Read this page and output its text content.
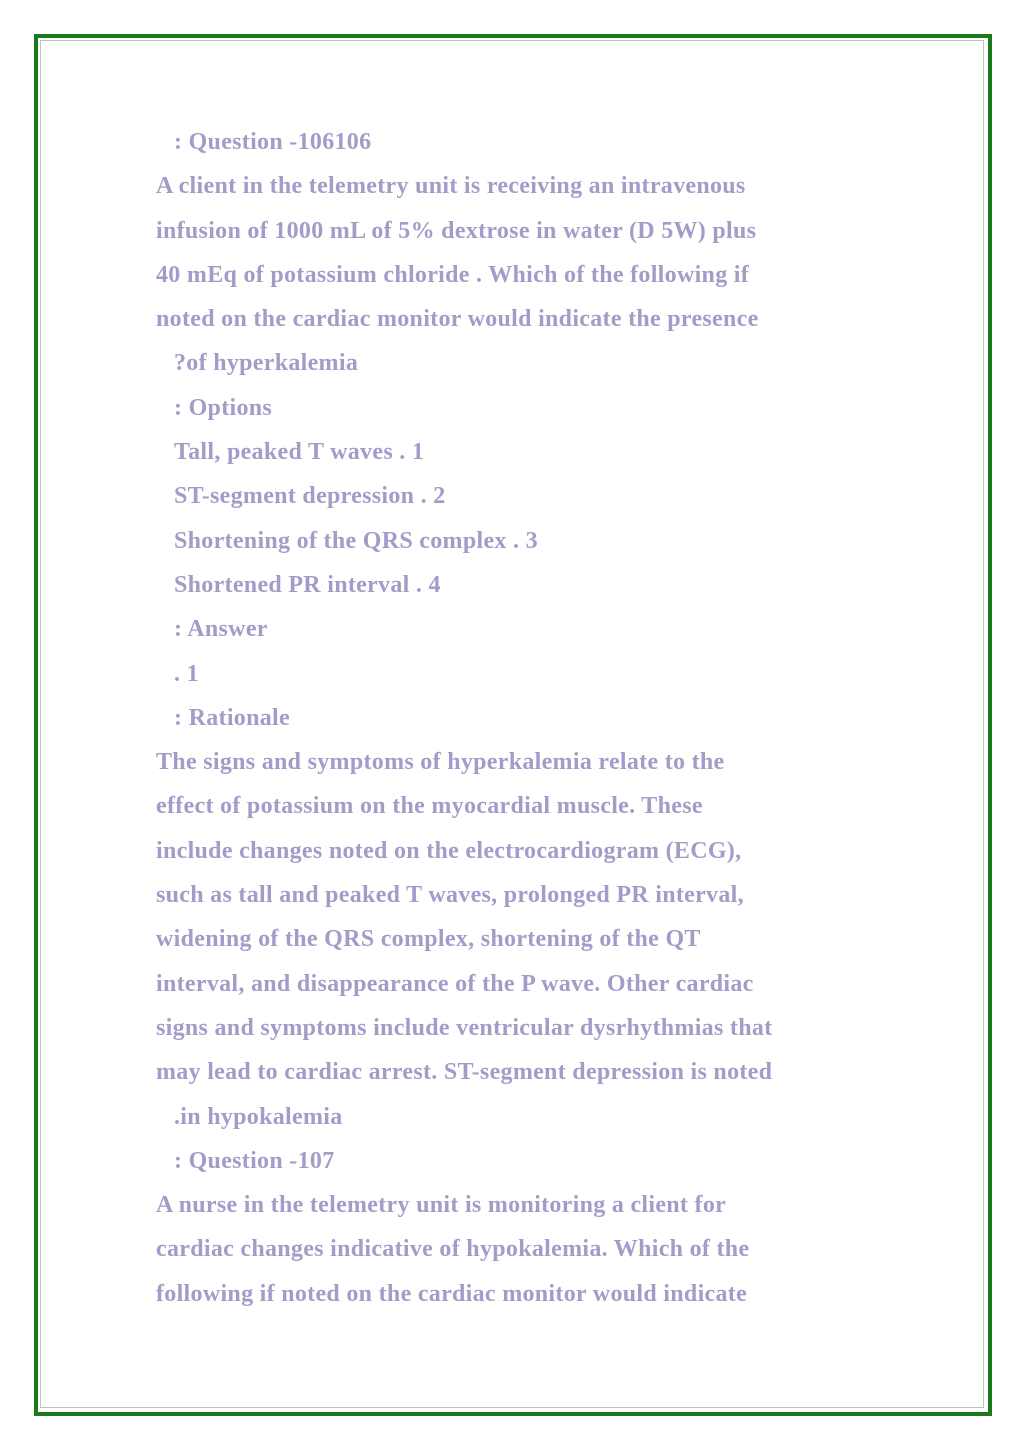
: Question -106106
A client in the telemetry unit is receiving an intravenous
infusion of 1000 mL of 5% dextrose in water (D 5W) plus
40 mEq of potassium chloride . Which of the following if
noted on the cardiac monitor would indicate the presence
?of hyperkalemia
: Options
Tall, peaked T waves . 1
ST-segment depression . 2
Shortening of the QRS complex . 3
Shortened PR interval . 4
: Answer
. 1
: Rationale
The signs and symptoms of hyperkalemia relate to the
effect of potassium on the myocardial muscle. These
include changes noted on the electrocardiogram (ECG),
such as tall and peaked T waves, prolonged PR interval,
widening of the QRS complex, shortening of the QT
interval, and disappearance of the P wave. Other cardiac
signs and symptoms include ventricular dysrhythmias that
may lead to cardiac arrest. ST-segment depression is noted
.in hypokalemia
: Question -107
A nurse in the telemetry unit is monitoring a client for
cardiac changes indicative of hypokalemia. Which of the
following if noted on the cardiac monitor would indicate
